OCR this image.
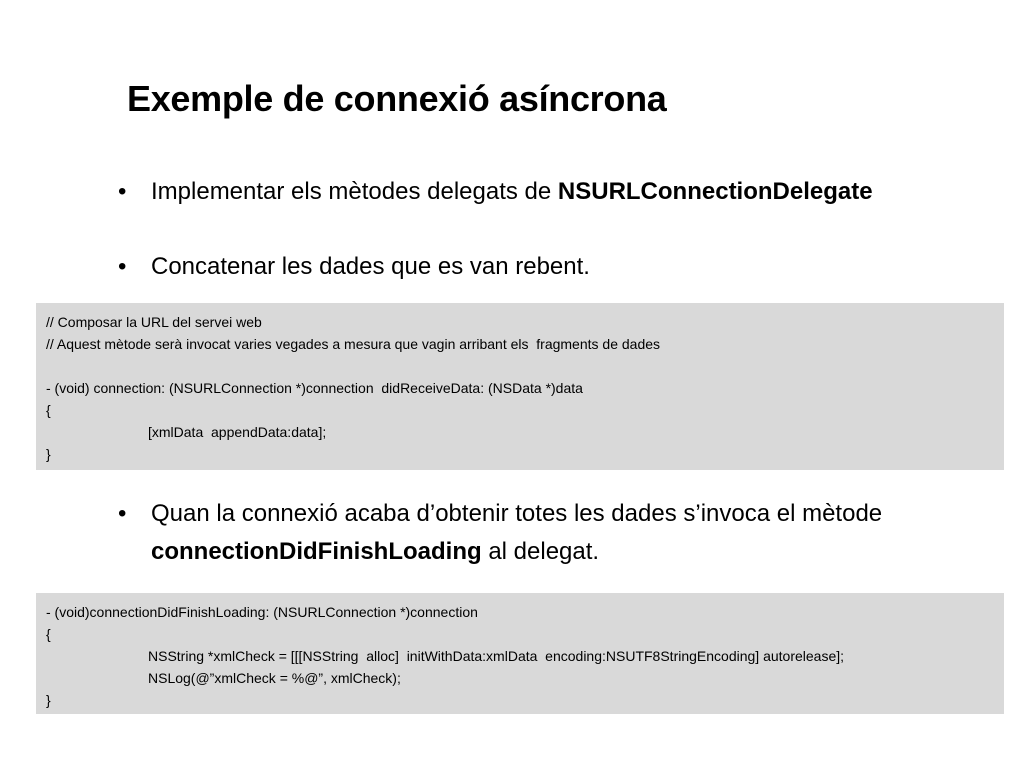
Exemple de connexió asíncrona
•	Implementar els mètodes delegats de NSURLConnectionDelegate
•	Concatenar les dades que es van rebent.
// Composar la URL del servei web
// Aquest mètode serà invocat varies vegades a mesura que vagin arribant els  fragments de dades
- (void) connection: (NSURLConnection *)connection  didReceiveData: (NSData *)data
{
[xmlData  appendData:data];
}
•	Quan la connexió acaba d’obtenir totes les dades s’invoca el mètode connectionDidFinishLoading al delegat.
- (void)connectionDidFinishLoading: (NSURLConnection *)connection
{
NSString *xmlCheck = [[[NSString  alloc]  initWithData:xmlData  encoding:NSUTF8StringEncoding] autorelease];
NSLog(@”xmlCheck = %@”, xmlCheck);
}
